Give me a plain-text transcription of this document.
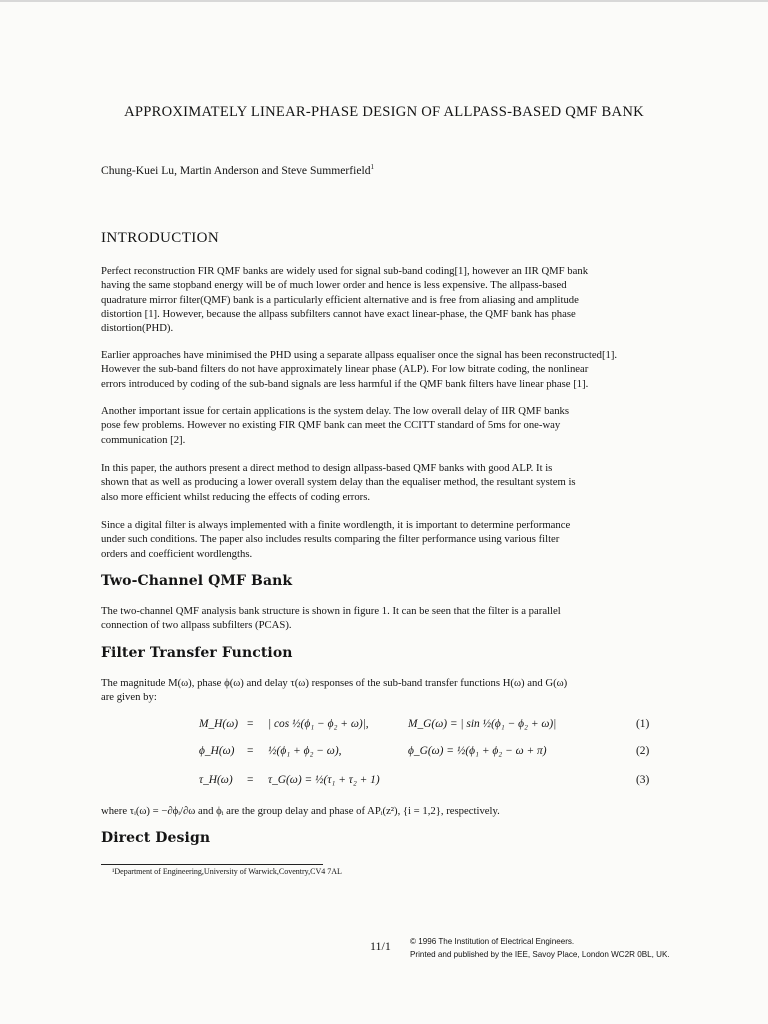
APPROXIMATELY LINEAR-PHASE DESIGN OF ALLPASS-BASED QMF BANK
Chung-Kuei Lu, Martin Anderson and Steve Summerfield$^1$
INTRODUCTION
Perfect reconstruction FIR QMF banks are widely used for signal sub-band coding[1], however an IIR QMF bank
having the same stopband energy will be of much lower order and hence is less expensive. The allpass-based
quadrature mirror filter(QMF) bank is a particularly efficient alternative and is free from aliasing and amplitude
distortion [1]. However, because the allpass subfilters cannot have exact linear-phase, the QMF bank has phase
distortion(PHD).
Earlier approaches have minimised the PHD using a separate allpass equaliser once the signal has been reconstructed[1].
However the sub-band filters do not have approximately linear phase (ALP). For low bitrate coding, the nonlinear
errors introduced by coding of the sub-band signals are less harmful if the QMF bank filters have linear phase [1].
Another important issue for certain applications is the system delay. The low overall delay of IIR QMF banks
pose few problems. However no existing FIR QMF bank can meet the CCITT standard of 5ms for one-way
communication [2].
In this paper, the authors present a direct method to design allpass-based QMF banks with good ALP. It is
shown that as well as producing a lower overall system delay than the equaliser method, the resultant system is
also more efficient whilst reducing the effects of coding errors.
Since a digital filter is always implemented with a finite wordlength, it is important to determine performance
under such conditions. The paper also includes results comparing the filter performance using various filter
orders and coefficient wordlengths.
Two-Channel QMF Bank
The two-channel QMF analysis bank structure is shown in figure 1. It can be seen that the filter is a parallel
connection of two allpass subfilters (PCAS).
Filter Transfer Function
The magnitude M(ω), phase ϕ(ω) and delay τ(ω) responses of the sub-band transfer functions H(ω) and G(ω)
are given by:
M_H(ω) = | cos ½(ϕ₁ − ϕ₂ + ω)|,	M_G(ω) = | sin ½(ϕ₁ − ϕ₂ + ω)|	(1)
ϕ_H(ω) = ½(ϕ₁ + ϕ₂ − ω),	ϕ_G(ω) = ½(ϕ₁ + ϕ₂ − ω + π)	(2)
τ_H(ω) = τ_G(ω) = ½(τ₁ + τ₂ + 1)	(3)
where τᵢ(ω) = −∂ϕᵢ/∂ω and ϕᵢ are the group delay and phase of APᵢ(z²), {i = 1,2}, respectively.
Direct Design
¹Department of Engineering,University of Warwick,Coventry,CV4 7AL
11/1 © 1996 The Institution of Electrical Engineers.
Printed and published by the IEE, Savoy Place, London WC2R 0BL, UK.
